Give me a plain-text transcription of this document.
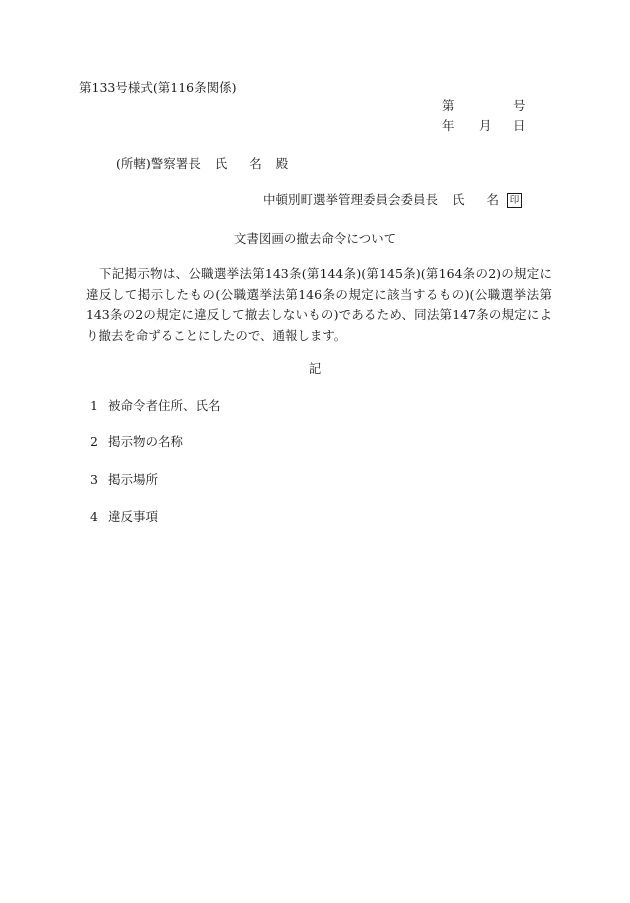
第133号様式(第116条関係)
第	号
年 月 日
(所轄)警察署長 氏 名 殿
中頓別町選挙管理委員会委員長 氏 名 印
文書図画の撤去命令について
下記掲示物は、公職選挙法第143条(第144条)(第145条)(第164条の2)の規定に違反して掲示したもの(公職選挙法第146条の規定に該当するもの)(公職選挙法第143条の2の規定に違反して撤去しないもの)であるため、同法第147条の規定により撤去を命ずることにしたので、通報します。
記
1 被命令者住所、氏名
2 掲示物の名称
3 掲示場所
4 違反事項
